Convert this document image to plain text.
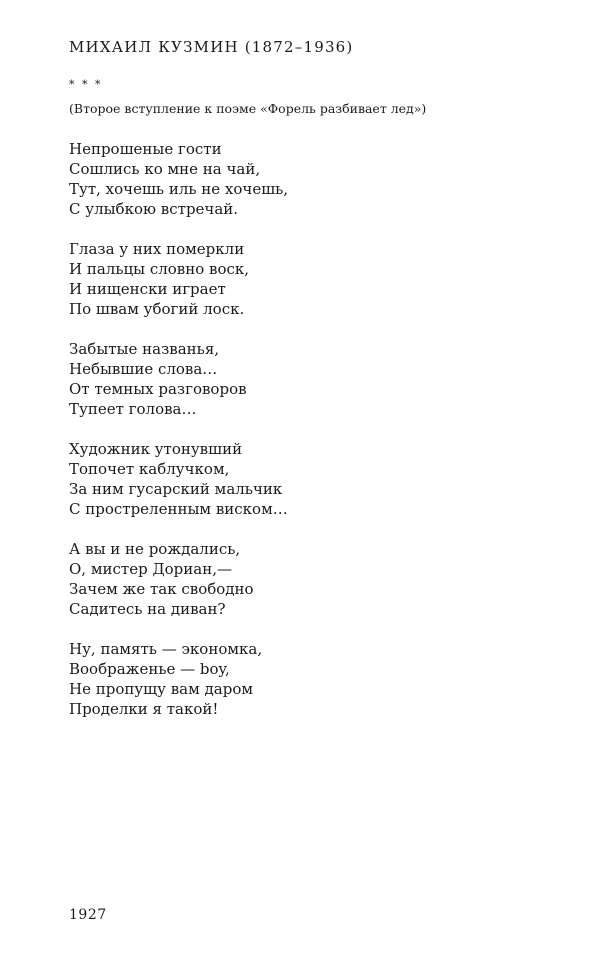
МИХАИЛ КУЗМИН (1872–1936)
* * *
(Второе вступление к поэме «Форель разбивает лед»)
Непрошеные гости
Сошлись ко мне на чай,
Тут, хочешь иль не хочешь,
С улыбкою встречай.
Глаза у них померкли
И пальцы словно воск,
И нищенски играет
По швам убогий лоск.
Забытые названья,
Небывшие слова…
От темных разговоров
Тупеет голова…
Художник утонувший
Топочет каблучком,
За ним гусарский мальчик
С простреленным виском…
А вы и не рождались,
О, мистер Дориан,—
Зачем же так свободно
Садитесь на диван?
Ну, память — экономка,
Воображенье — boy,
Не пропущу вам даром
Проделки я такой!
1927
